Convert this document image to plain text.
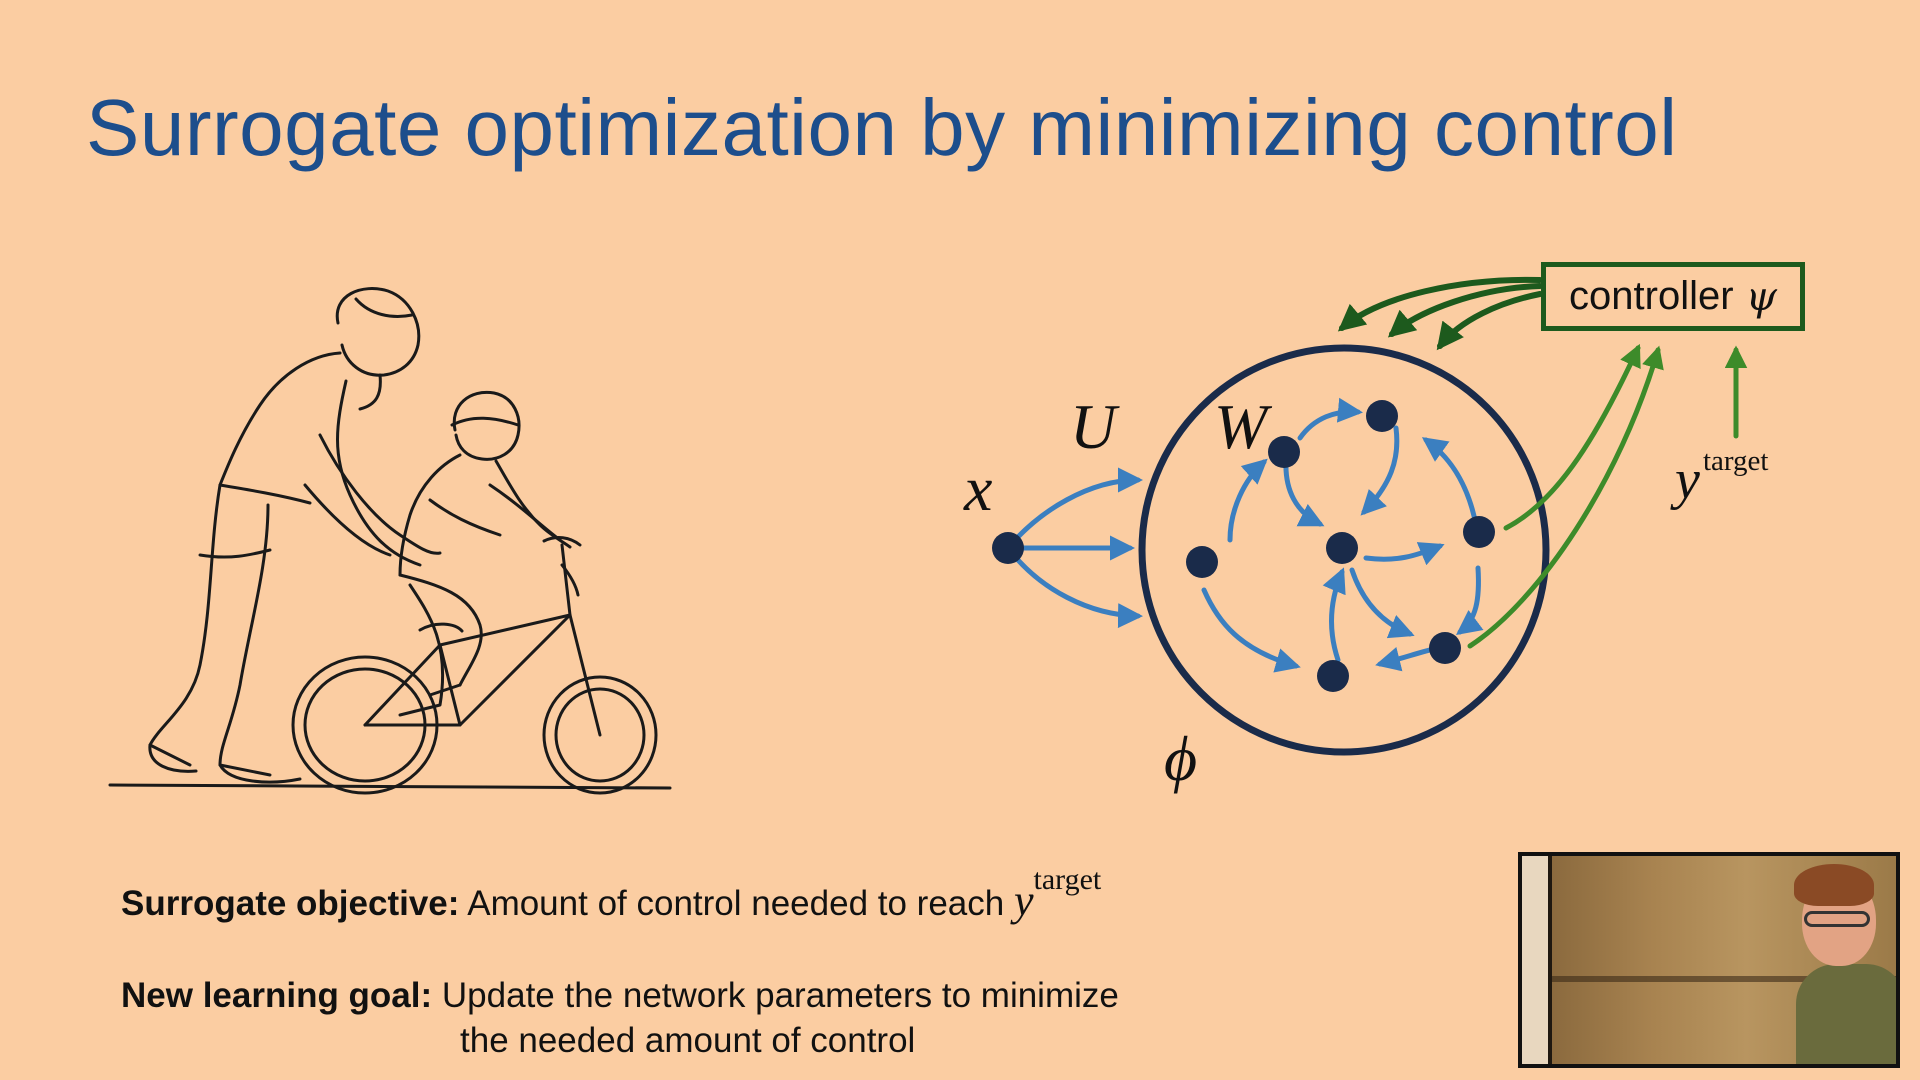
Surrogate optimization by minimizing control
x
U W
ϕ
y target
controller ψ
Surrogate objective: Amount of control needed to reach ytarget
New learning goal: Update the network parameters to minimize
the needed amount of control
